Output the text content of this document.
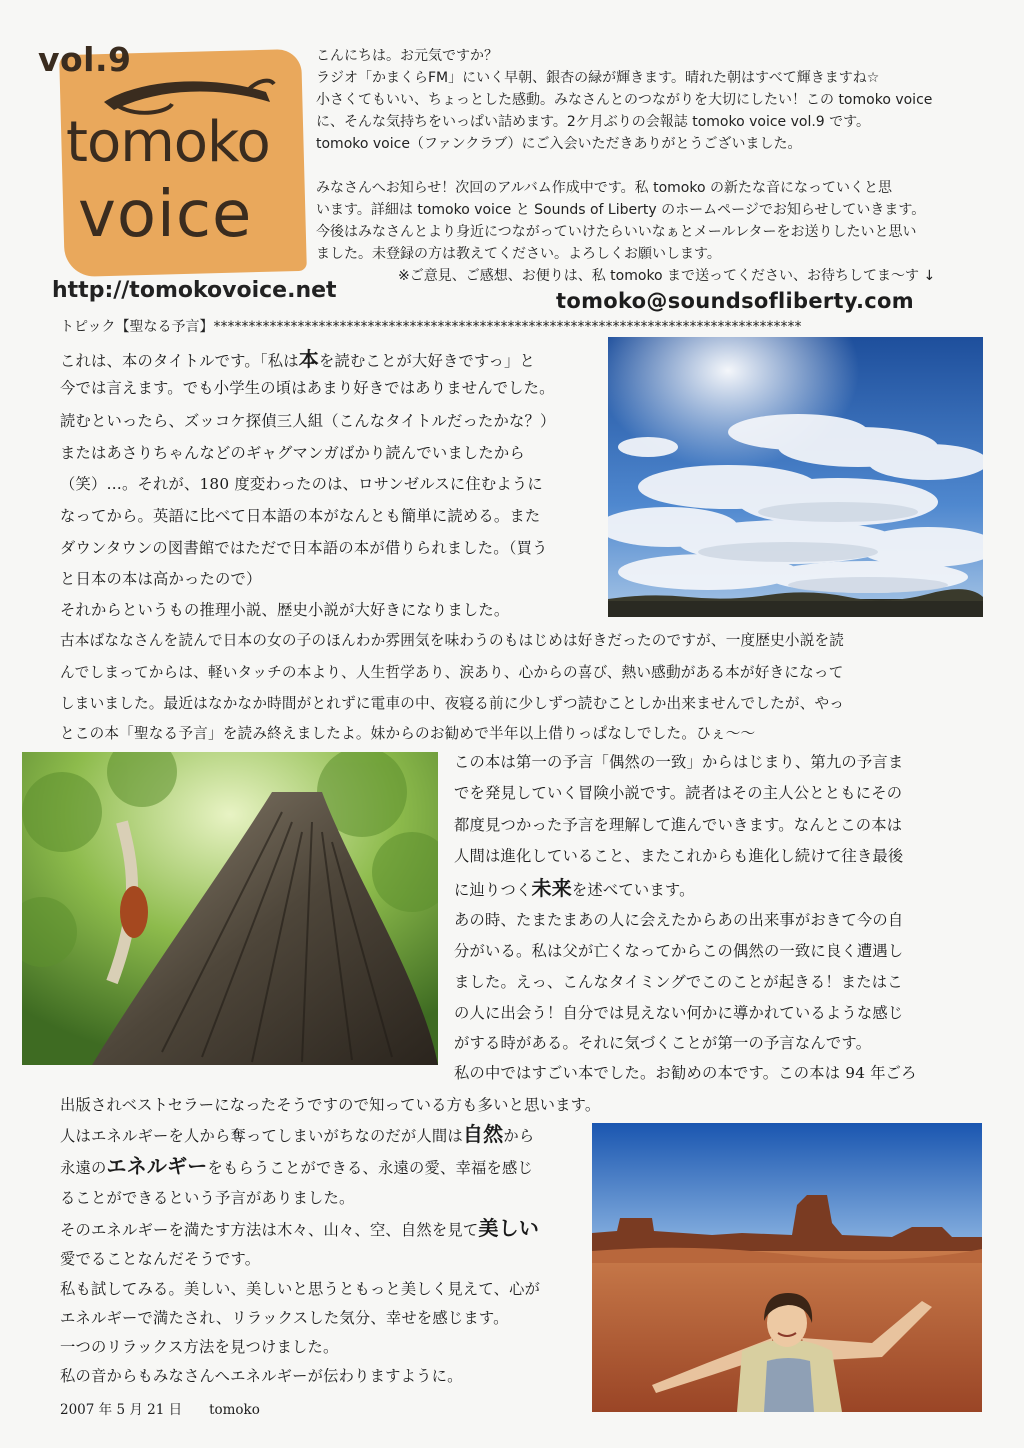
vol.9
tomoko
voice
http://tomokovoice.net
こんにちは。お元気ですか？
ラジオ「かまくらFM」にいく早朝、銀杏の緑が輝きます。晴れた朝はすべて輝きますね☆
小さくてもいい、ちょっとした感動。みなさんとのつながりを大切にしたい！この tomoko voice
に、そんな気持ちをいっぱい詰めます。2ケ月ぶりの会報誌 tomoko voice vol.9 です。
tomoko voice（ファンクラブ）にご入会いただきありがとうございました。
みなさんへお知らせ！次回のアルバム作成中です。私 tomoko の新たな音になっていくと思
います。詳細は tomoko voice と Sounds of Liberty のホームページでお知らせしていきます。
今後はみなさんとより身近につながっていけたらいいなぁとメールレターをお送りしたいと思い
ました。未登録の方は教えてください。よろしくお願いします。
※ご意見、ご感想、お便りは、私 tomoko まで送ってください、お待ちしてま～す ↓
tomoko@soundsofliberty.com
トピック【聖なる予言】************************************************************************************
これは、本のタイトルです。「私は本を読むことが大好きですっ」と
今では言えます。でも小学生の頃はあまり好きではありませんでした。
読むといったら、ズッコケ探偵三人組（こんなタイトルだったかな？）
またはあさりちゃんなどのギャグマンガばかり読んでいましたから
（笑）…。それが、180 度変わったのは、ロサンゼルスに住むように
なってから。英語に比べて日本語の本がなんとも簡単に読める。また
ダウンタウンの図書館ではただで日本語の本が借りられました。（買う
と日本の本は高かったので）
それからというもの推理小説、歴史小説が大好きになりました。
古本ばななさんを読んで日本の女の子のほんわか雰囲気を味わうのもはじめは好きだったのですが、一度歴史小説を読
んでしまってからは、軽いタッチの本より、人生哲学あり、涙あり、心からの喜び、熱い感動がある本が好きになって
しまいました。最近はなかなか時間がとれずに電車の中、夜寝る前に少しずつ読むことしか出来ませんでしたが、やっ
とこの本「聖なる予言」を読み終えましたよ。妹からのお勧めで半年以上借りっぱなしでした。ひぇ～～
この本は第一の予言「偶然の一致」からはじまり、第九の予言ま
でを発見していく冒険小説です。読者はその主人公とともにその
都度見つかった予言を理解して進んでいきます。なんとこの本は
人間は進化していること、またこれからも進化し続けて往き最後
に辿りつく未来を述べています。
あの時、たまたまあの人に会えたからあの出来事がおきて今の自
分がいる。私は父が亡くなってからこの偶然の一致に良く遭遇し
ました。えっ、こんなタイミングでこのことが起きる！またはこ
の人に出会う！自分では見えない何かに導かれているような感じ
がする時がある。それに気づくことが第一の予言なんです。
私の中ではすごい本でした。お勧めの本です。この本は 94 年ごろ
出版されベストセラーになったそうですので知っている方も多いと思います。
人はエネルギーを人から奪ってしまいがちなのだが人間は自然から
永遠のエネルギーをもらうことができる、永遠の愛、幸福を感じ
ることができるという予言がありました。
そのエネルギーを満たす方法は木々、山々、空、自然を見て美しい
愛でることなんだそうです。
私も試してみる。美しい、美しいと思うともっと美しく見えて、心が
エネルギーで満たされ、リラックスした気分、幸せを感じます。
一つのリラックス方法を見つけました。
私の音からもみなさんへエネルギーが伝わりますように。
2007 年 5 月 21 日　　tomoko
